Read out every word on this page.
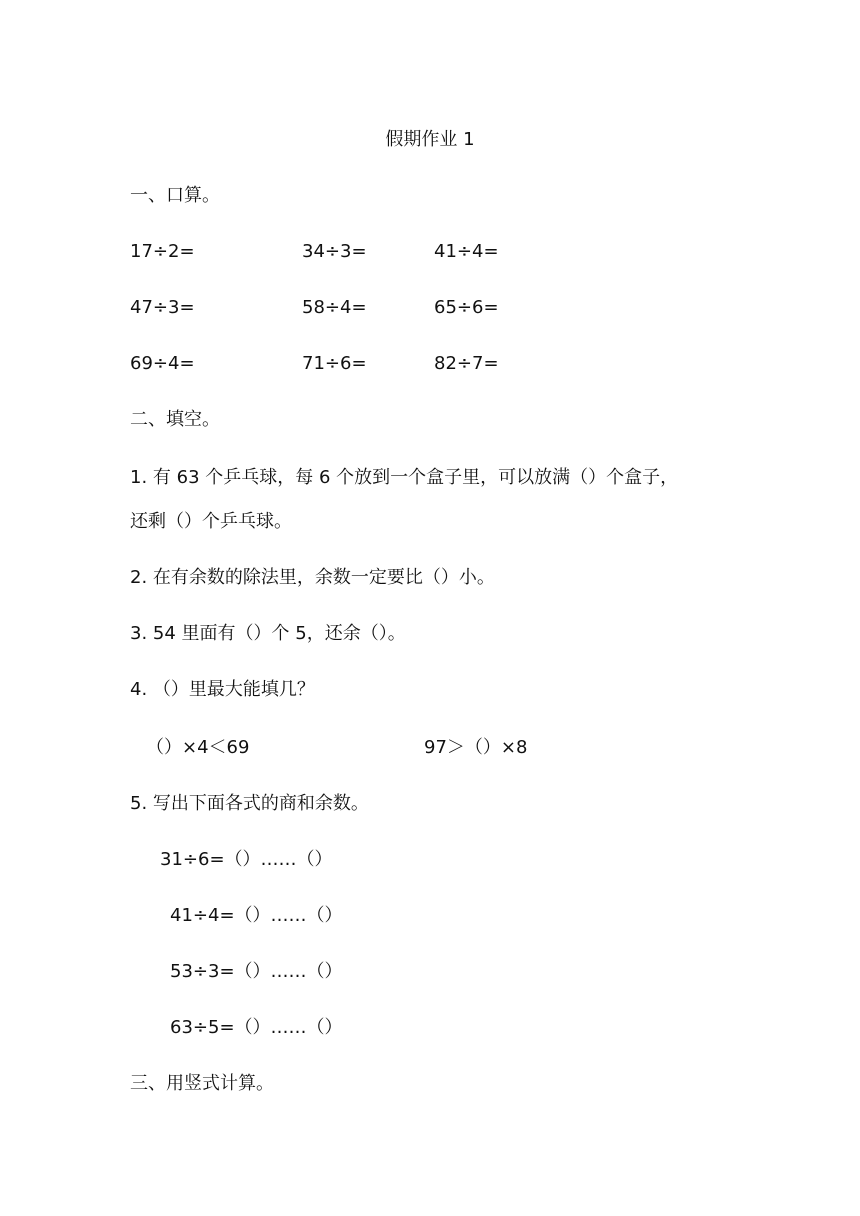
假期作业 1
一、口算。
17÷2=	34÷3=	41÷4=
47÷3=	58÷4=	65÷6=
69÷4=	71÷6=	82÷7=
二、填空。
1. 有 63 个乒乓球，每 6 个放到一个盒子里，可以放满（）个盒子，
还剩（）个乒乓球。
2. 在有余数的除法里，余数一定要比（）小。
3. 54 里面有（）个 5，还余（）。
4. （）里最大能填几？
（）×4＜69	97＞（）×8
5. 写出下面各式的商和余数。
31÷6=（）……（）
41÷4=（）……（）
53÷3=（）……（）
63÷5=（）……（）
三、用竖式计算。
